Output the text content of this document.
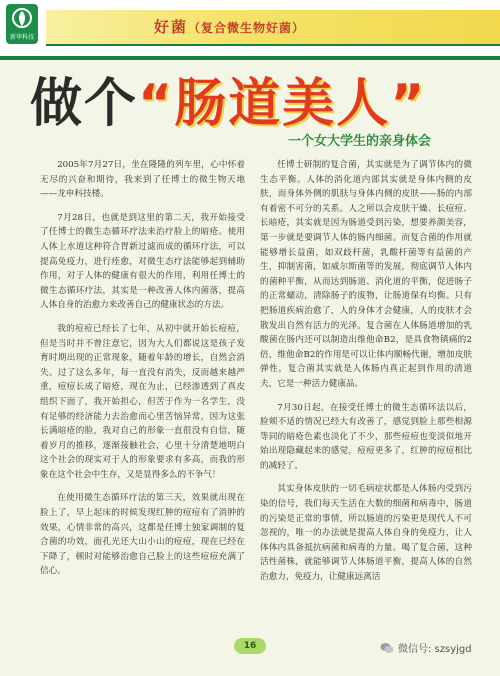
新华科技
好菌（复合微生物好菌）
做个 “肠道美人”
一个女大学生的亲身体会

2005年7月27日，坐在隆隆的列车里，心中怀着无尽的兴奋和期待，我来到了任博士的微生物天地——龙申科技楼。

7月28日，也就是到这里的第二天，我开始接受了任博士的微生态循环疗法来治疗脸上的暗疮。使用人体上水道这种符合胃新过滤而成的循环疗法，可以提高免疫力，进行痊愈，对微生态疗法能够起到辅助作用，对于人体的健康有很大的作用，利用任博士的微生态循环疗法，其实是一种改善人体内菌落，提高人体自身的治愈力来改善自己的健康状态的方法。

我的痘痘已经长了七年，从初中就开始长痘痘，但是当时并不曾注意它，因为大人们都说这是孩子发育时期出现的正常现象，随着年龄的增长，自然会消失。过了这么多年，每一直没有消失，反而越来越严重，痘痘长成了暗疮，现在为止，已经渗透到了真皮组织下面了，我开始担心，但苦于作为一名学生，没有足够的经济能力去治愈而心里苦恼异常，因为这张长满暗疮的脸，我对自己的形象一直很没有自信，随着岁月的推移，逐渐接触社会，心里十分清楚地明白这个社会的现实对于人的形象要求有多高，而我的形象在这个社会中生存，又是显得多么的不争气！

在使用微生态循环疗法的第三天，效果就出现在脸上了，早上起床的时候发现红肿的痘痘有了消肿的效果，心情非常的高兴，这都是任博士独家调制的复合菌的功效，面孔光还大山小山的痘痘，现在已经在下降了，顿时对能够治愈自己脸上的这些痘痘充满了信心。

任博士研制的复合菌，其实就是为了调节体内的微生态平衡。人体的消化道内部其实就是身体内侧的皮肤，而身体外侧的肌肤与身体内侧的皮肤——肠的内部有着密不可分的关系。人之所以会皮肤干燥、长痘痘、长暗疮，其实就是因为肠道受到污染，想要养颜美容，第一步就是要调节人体的肠内细菌。而复合菌的作用就能够增长益菌，如双歧杆菌，乳酸杆菌等有益菌的产生，抑制害菌，如威尔斯菌等的发展，彻底调节人体内的菌种平衡，从而达到肠道、消化道的平衡，促进肠子的正常蠕动，清除肠子的废物，让肠道保有均衡。只有把肠道疾病治愈了，人的身体才会健康，人的皮肤才会散发出自然有活力的光泽。复合菌在人体肠道增加的乳酸菌在肠内还可以制造出维他命B2，是具食物镇痛的2倍，维他命B2的作用是可以让体内顺畅代谢，增加皮肤弹性，复合菌其实就是人体肠内真正起到作用的清道夫，它是一种活力健康品。

7月30日起，在接受任博士的微生态循环法以后，脸颊不适的情况已经大有改善了，感觉到脸上那些相源等同的暗疮色素也淡化了不少，那些痘痘也变淡似地开始出现隐藏起来的感觉，痘痘更多了，红肿的痘痘相比的减轻了。

其实身体皮肤的一切毛病症状都是人体肠内受到污染的信号，我们每天生活在大数的细菌和病毒中，肠道的污染是正常的事情，所以肠道的污染更是现代人不可忽视的，唯一的办法就是提高人体自身的免疫力，让人体体内具备抵抗病菌和病毒的力量。喝了复合菌，这种活性菌株，就能够调节人体肠道平衡，提高人体的自然治愈力，免疫力，让健康远离活

16	微信号: szsyjgd
